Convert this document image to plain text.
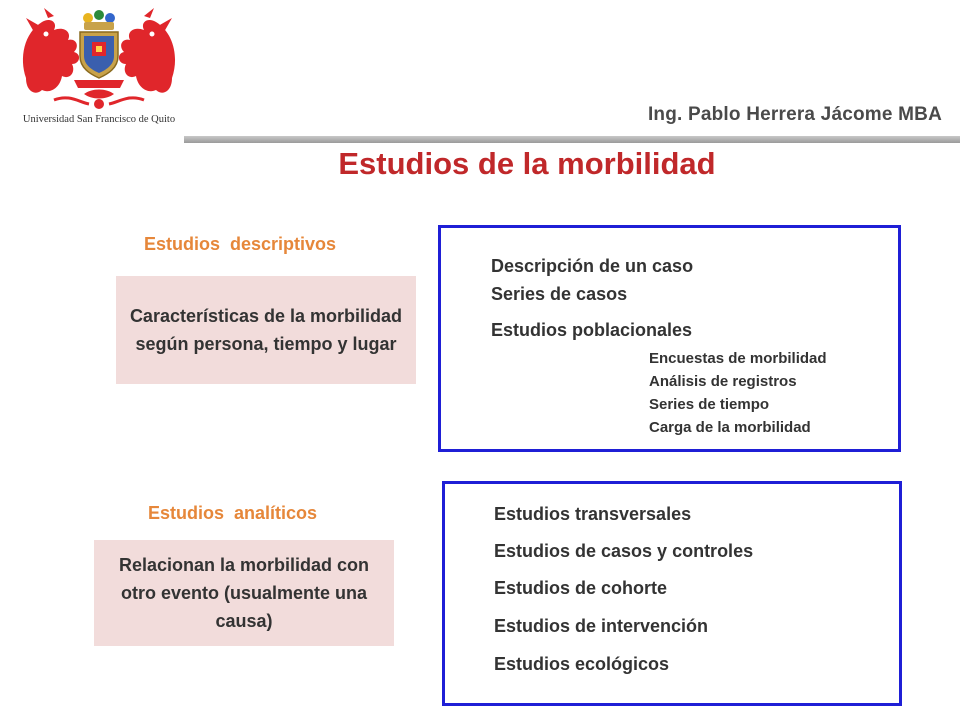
Universidad San Francisco de Quito	Ing. Pablo Herrera Jácome MBA
Estudios de la morbilidad
Estudios  descriptivos
Características de la morbilidad según persona, tiempo y lugar
Descripción de un caso
Series de casos
Estudios poblacionales
Encuestas de morbilidad
Análisis de registros
Series de tiempo
Carga de la morbilidad
Estudios  analíticos
Relacionan la morbilidad con otro evento (usualmente una causa)
Estudios transversales
Estudios de casos y controles
Estudios de cohorte
Estudios de intervención
Estudios ecológicos
